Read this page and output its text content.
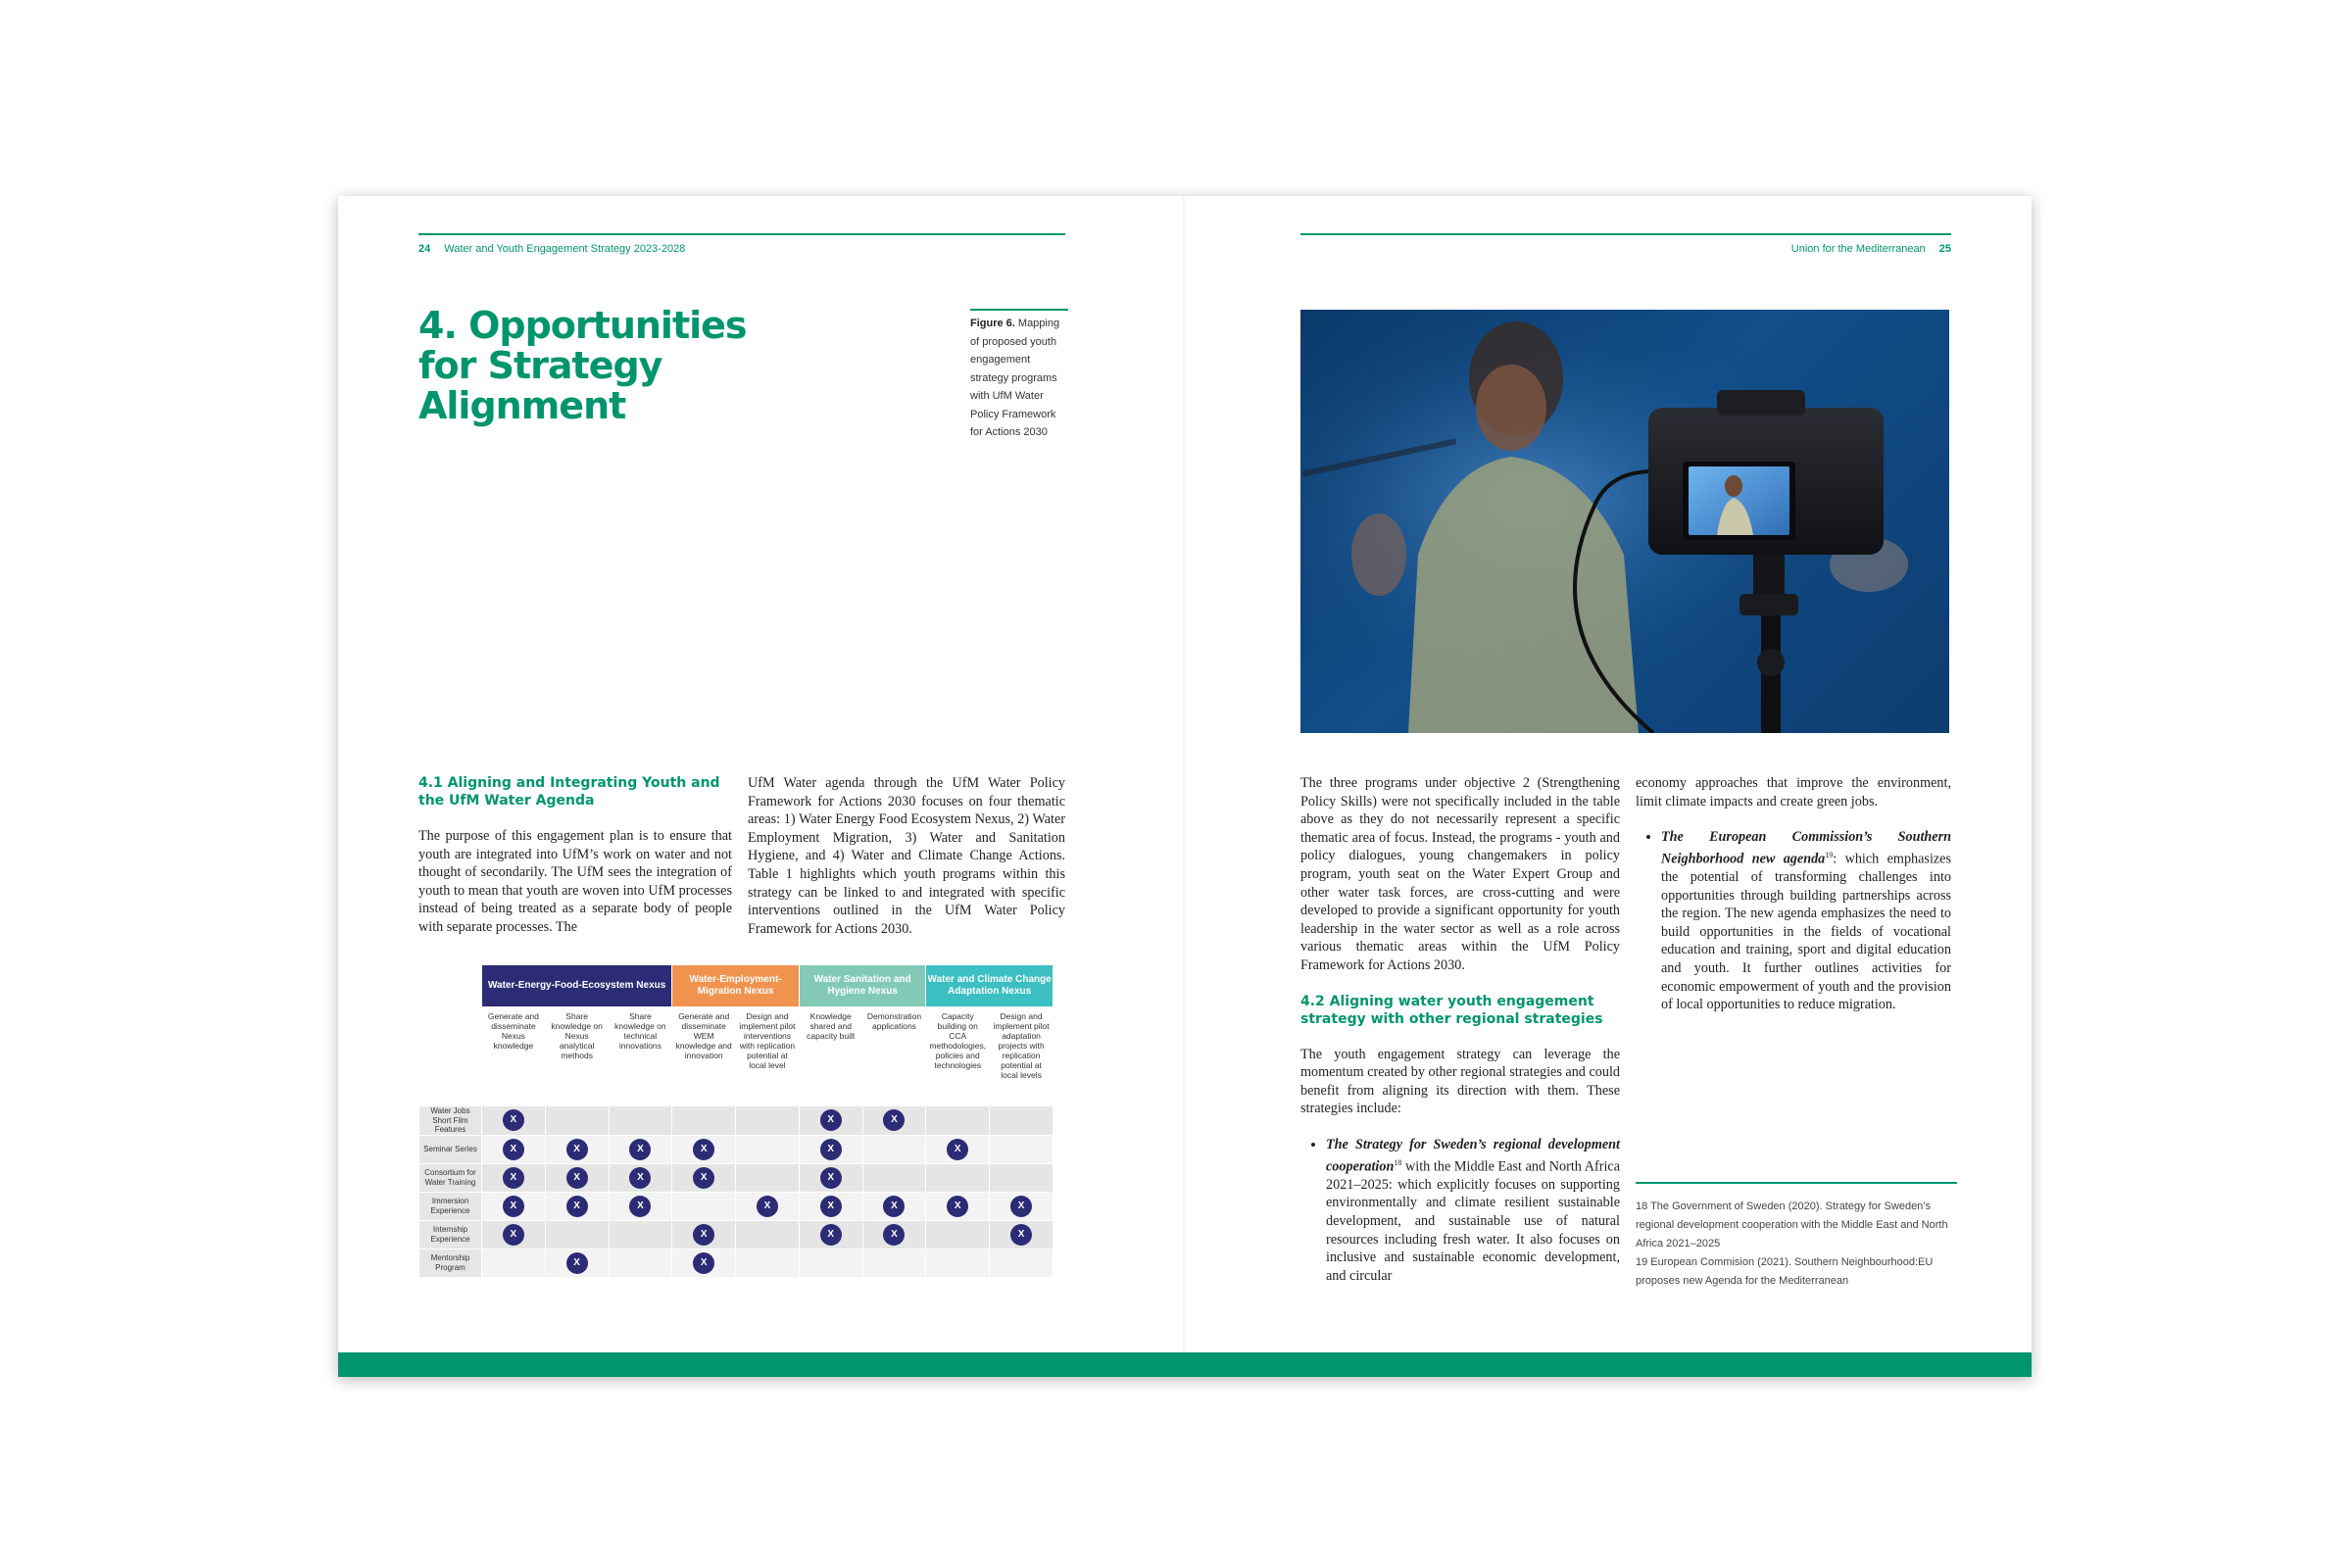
24 Water and Youth Engagement Strategy 2023-2028
4. Opportunities for Strategy Alignment
Figure 6. Mapping of proposed youth engagement strategy programs with UfM Water Policy Framework for Actions 2030
4.1 Aligning and Integrating Youth and the UfM Water Agenda

The purpose of this engagement plan is to ensure that youth are integrated into UfM’s work on water and not thought of secondarily. The UfM sees the integration of youth to mean that youth are woven into UfM processes instead of being treated as a separate body of people with separate processes. The

UfM Water agenda through the UfM Water Policy Framework for Actions 2030 focuses on four thematic areas: 1) Water Energy Food Ecosystem Nexus, 2) Water Employment Migration, 3) Water and Sanitation Hygiene, and 4) Water and Climate Change Actions. Table 1 highlights which youth programs within this strategy can be linked to and integrated with specific interventions outlined in the UfM Water Policy Framework for Actions 2030.

	Water-Energy-Food-Ecosystem Nexus			Water-Employment-Migration Nexus		Water Sanitation and Hygiene Nexus		Water and Climate Change Adaptation Nexus	
	Generate and disseminate Nexus knowledge	Share knowledge on Nexus analytical methods	Share knowledge on technical innovations	Generate and disseminate WEM knowledge and innovation	Design and implement pilot interventions with replication potential at local level	Knowledge shared and capacity built	Demonstration applications	Capacity building on CCA methodologies, policies and technologies	Design and implement pilot adaptation projects with replication potential at local levels
Water Jobs Short Film Features	X					X	X		
Seminar Series	X	X	X	X		X		X	
Consortium for Water Training	X	X	X	X		X			
Immersion Experience	X	X	X		X	X	X	X	X
Internship Experience	X			X		X	X		X
Mentorship Program		X		X					
Union for the Mediterranean 25

The three programs under objective 2 (Strengthening Policy Skills) were not specifically included in the table above as they do not necessarily represent a specific thematic area of focus. Instead, the programs - youth and policy dialogues, young changemakers in policy program, youth seat on the Water Expert Group and other water task forces, are cross-cutting and were developed to provide a significant opportunity for youth leadership in the water sector as well as a role across various thematic areas within the UfM Policy Framework for Actions 2030.

4.2 Aligning water youth engagement strategy with other regional strategies

The youth engagement strategy can leverage the momentum created by other regional strategies and could benefit from aligning its direction with them. These strategies include:

• The Strategy for Sweden’s regional development cooperation$^{18}$ with the Middle East and North Africa 2021–2025: which explicitly focuses on supporting environmentally and climate resilient sustainable development, and sustainable use of natural resources including fresh water. It also focuses on inclusive and sustainable economic development, and circular

economy approaches that improve the environment, limit climate impacts and create green jobs.

• The European Commission’s Southern Neighborhood new agenda$^{19}$: which emphasizes the potential of transforming challenges into opportunities through building partnerships across the region. The new agenda emphasizes the need to build opportunities in the fields of vocational education and training, sport and digital education and youth. It further outlines activities for economic empowerment of youth and the provision of local opportunities to reduce migration.
18 The Government of Sweden (2020). Strategy for Sweden’s regional development cooperation with the Middle East and North Africa 2021–2025
19 European Commision (2021). Southern Neighbourhood:EU proposes new Agenda for the Mediterranean
